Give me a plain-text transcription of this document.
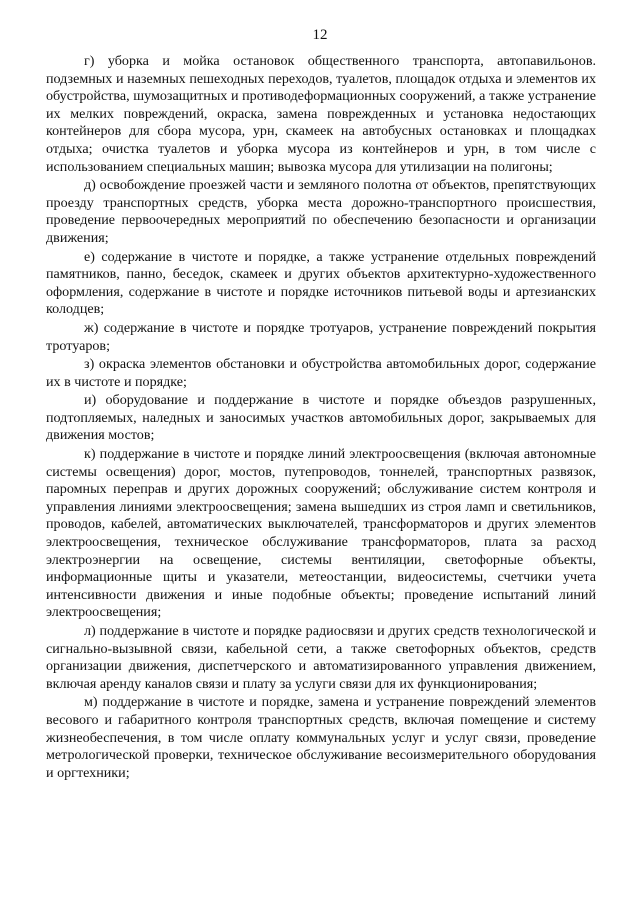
12

г) уборка и мойка остановок общественного транспорта, автопавильонов. подземных и наземных пешеходных переходов, туалетов, площадок отдыха и элементов их обустройства, шумозащитных и противодеформационных сооружений, а также устранение их мелких повреждений, окраска, замена поврежденных и установка недостающих контейнеров для сбора мусора, урн, скамеек на автобусных остановках и площадках отдыха; очистка туалетов и уборка мусора из контейнеров и урн, в том числе с использованием специальных машин; вывозка мусора для утилизации на полигоны;

д) освобождение проезжей части и земляного полотна от объектов, препятствующих проезду транспортных средств, уборка места дорожно-транспортного происшествия, проведение первоочередных мероприятий по обеспечению безопасности и организации движения;

е) содержание в чистоте и порядке, а также устранение отдельных повреждений памятников, панно, беседок, скамеек и других объектов архитектурно-художественного оформления, содержание в чистоте и порядке источников питьевой воды и артезианских колодцев;

ж) содержание в чистоте и порядке тротуаров, устранение повреждений покрытия тротуаров;

з) окраска элементов обстановки и обустройства автомобильных дорог, содержание их в чистоте и порядке;

и) оборудование и поддержание в чистоте и порядке объездов разрушенных, подтопляемых, наледных и заносимых участков автомобильных дорог, закрываемых для движения мостов;

к) поддержание в чистоте и порядке линий электроосвещения (включая автономные системы освещения) дорог, мостов, путепроводов, тоннелей, транспортных развязок, паромных переправ и других дорожных сооружений; обслуживание систем контроля и управления линиями электроосвещения; замена вышедших из строя ламп и светильников, проводов, кабелей, автоматических выключателей, трансформаторов и других элементов электроосвещения, техническое обслуживание трансформаторов, плата за расход электроэнергии на освещение, системы вентиляции, светофорные объекты, информационные щиты и указатели, метеостанции, видеосистемы, счетчики учета интенсивности движения и иные подобные объекты; проведение испытаний линий электроосвещения;

л) поддержание в чистоте и порядке радиосвязи и других средств технологической и сигнально-вызывной связи, кабельной сети, а также светофорных объектов, средств организации движения, диспетчерского и автоматизированного управления движением, включая аренду каналов связи и плату за услуги связи для их функционирования;

м) поддержание в чистоте и порядке, замена и устранение повреждений элементов весового и габаритного контроля транспортных средств, включая помещение и систему жизнеобеспечения, в том числе оплату коммунальных услуг и услуг связи, проведение метрологической проверки, техническое обслуживание весоизмерительного оборудования и оргтехники;
